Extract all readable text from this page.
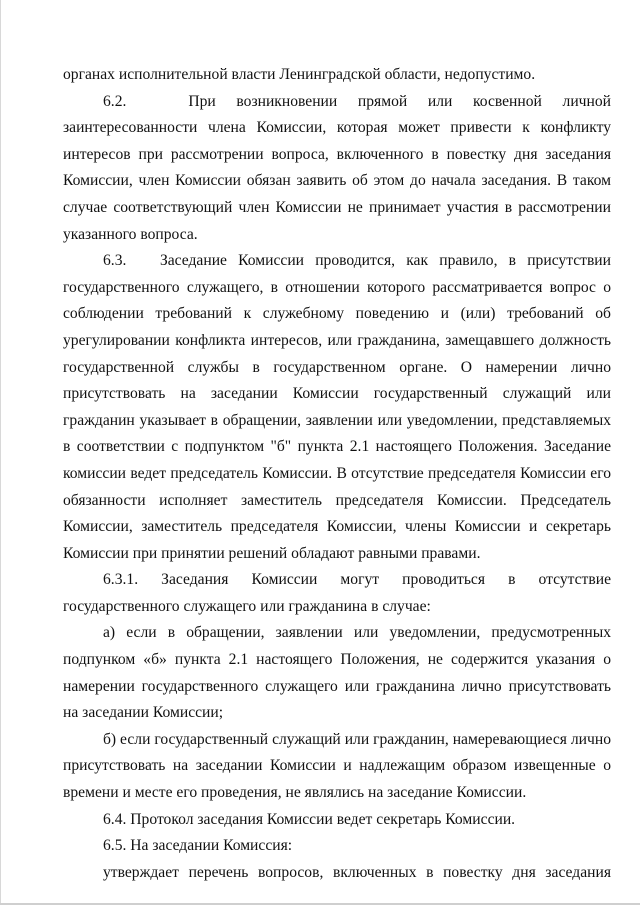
органах исполнительной власти Ленинградской области, недопустимо.

6.2.   При возникновении прямой или косвенной личной заинтересованности члена Комиссии, которая может привести к конфликту интересов при рассмотрении вопроса, включенного в повестку дня заседания Комиссии, член Комиссии обязан заявить об этом до начала заседания. В таком случае соответствующий член Комиссии не принимает участия в рассмотрении указанного вопроса.

6.3.   Заседание Комиссии проводится, как правило, в присутствии государственного служащего, в отношении которого рассматривается вопрос о соблюдении требований к служебному поведению и (или) требований об урегулировании конфликта интересов, или гражданина, замещавшего должность государственной службы в государственном органе. О намерении лично присутствовать на заседании Комиссии государственный служащий или гражданин указывает в обращении, заявлении или уведомлении, представляемых в соответствии с подпунктом "б" пункта 2.1 настоящего Положения. Заседание комиссии ведет председатель Комиссии. В отсутствие председателя Комиссии его обязанности исполняет заместитель председателя Комиссии. Председатель Комиссии, заместитель председателя Комиссии, члены Комиссии и секретарь Комиссии при принятии решений обладают равными правами.

6.3.1. Заседания Комиссии могут проводиться в отсутствие государственного служащего или гражданина в случае:

а) если в обращении, заявлении или уведомлении, предусмотренных подпунком «б» пункта 2.1 настоящего Положения, не содержится указания о намерении государственного служащего или гражданина лично присутствовать на заседании Комиссии;

б) если государственный служащий или гражданин, намеревающиеся лично присутствовать на заседании Комиссии и надлежащим образом извещенные о времени и месте его проведения, не являлись на заседание Комиссии.

6.4. Протокол заседания Комиссии ведет секретарь Комиссии.

6.5. На заседании Комиссия:

утверждает перечень вопросов, включенных в повестку дня заседания
